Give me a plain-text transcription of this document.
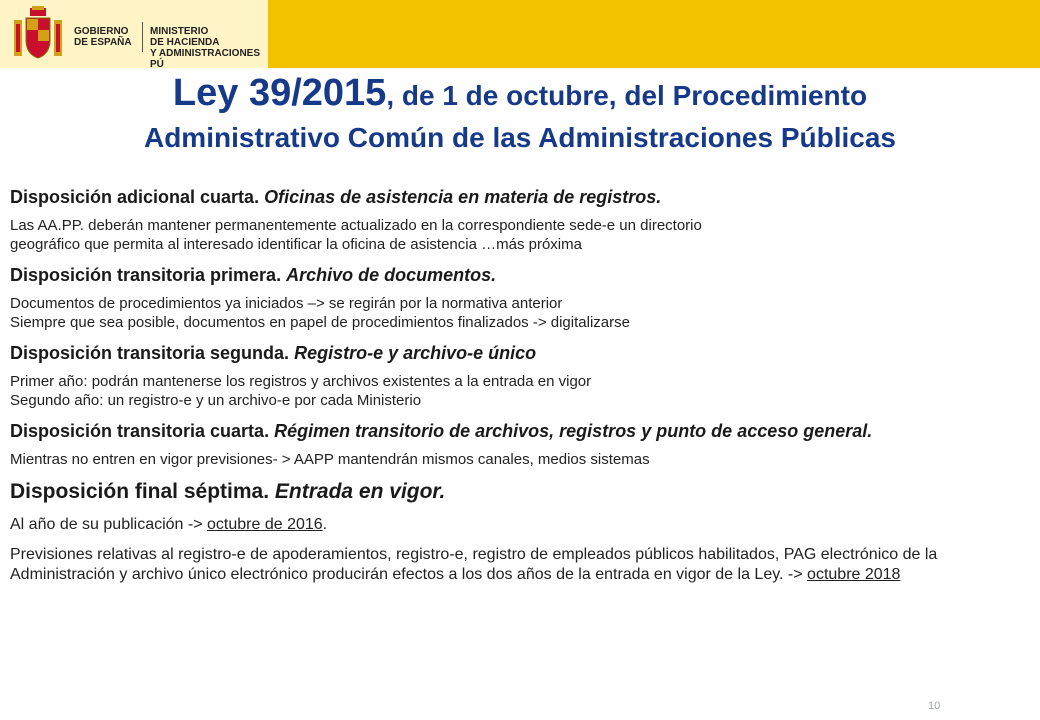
GOBIERNO
DE ESPAÑA
MINISTERIO
DE HACIENDA
Y ADMINISTRACIONES PÚ
Ley 39/2015, de 1 de octubre, del Procedimiento
Administrativo Común de las Administraciones Públicas
Disposición adicional cuarta. Oficinas de asistencia en materia de registros.
Las AA.PP. deberán mantener permanentemente actualizado en la correspondiente sede-e un directorio
geográfico que permita al interesado identificar la oficina de asistencia …más próxima
Disposición transitoria primera. Archivo de documentos.
Documentos de procedimientos ya iniciados –> se regirán por la normativa anterior
Siempre que sea posible, documentos en papel de procedimientos finalizados -> digitalizarse
Disposición transitoria segunda. Registro-e y archivo-e único
Primer año: podrán mantenerse los registros y archivos existentes a la entrada en vigor
Segundo año: un registro-e y un archivo-e por cada Ministerio
Disposición transitoria cuarta. Régimen transitorio de archivos, registros y punto de acceso general.
Mientras no entren en vigor previsiones- > AAPP mantendrán mismos canales, medios sistemas
Disposición final séptima. Entrada en vigor.
Al año de su publicación -> octubre de 2016.
Previsiones relativas al registro-e de apoderamientos, registro-e, registro de empleados públicos habilitados, PAG electrónico de la Administración y archivo único electrónico producirán efectos a los dos años de la entrada en vigor de la Ley. -> octubre 2018
10
